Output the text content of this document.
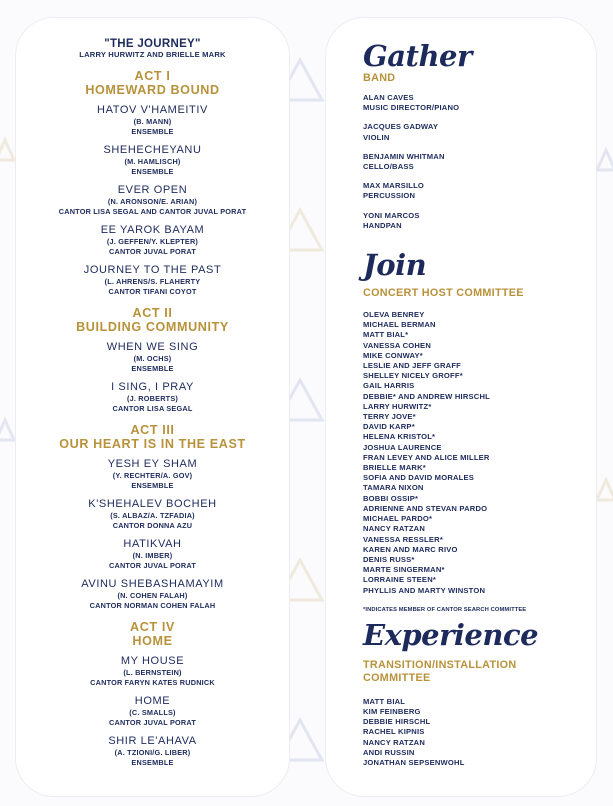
"THE JOURNEY"
LARRY HURWITZ AND BRIELLE MARK
ACT I
HOMEWARD BOUND
HATOV V'HAMEITIV
(B. MANN)
ENSEMBLE
SHEHECHEYANU
(M. HAMLISCH)
ENSEMBLE
EVER OPEN
(N. ARONSON/E. ARIAN)
CANTOR LISA SEGAL AND CANTOR JUVAL PORAT
EE YAROK BAYAM
(J. GEFFEN/Y. KLEPTER)
CANTOR JUVAL PORAT
JOURNEY TO THE PAST
(L. AHRENS/S. FLAHERTY
CANTOR TIFANI COYOT
ACT II
BUILDING COMMUNITY
WHEN WE SING
(M. OCHS)
ENSEMBLE
I SING, I PRAY
(J. ROBERTS)
CANTOR LISA SEGAL
ACT III
OUR HEART IS IN THE EAST
YESH EY SHAM
(Y. RECHTER/A. GOV)
ENSEMBLE
K'SHEHALEV BOCHEH
(S. ALBAZ/A. TZFADIA)
CANTOR DONNA AZU
HATIKVAH
(N. IMBER)
CANTOR JUVAL PORAT
AVINU SHEBASHAMAYIM
(N. COHEN FALAH)
CANTOR NORMAN COHEN FALAH
ACT IV
HOME
MY HOUSE
(L. BERNSTEIN)
CANTOR FARYN KATES RUDNICK
HOME
(C. SMALLS)
CANTOR JUVAL PORAT
SHIR LE'AHAVA
(A. TZIONI/G. LIBER)
ENSEMBLE
Gather
BAND
ALAN CAVES
MUSIC DIRECTOR/PIANO
JACQUES GADWAY
VIOLIN
BENJAMIN WHITMAN
CELLO/BASS
MAX MARSILLO
PERCUSSION
YONI MARCOS
HANDPAN
Join
CONCERT HOST COMMITTEE
OLEVA BENREY
MICHAEL BERMAN
MATT BIAL*
VANESSA COHEN
MIKE CONWAY*
LESLIE AND JEFF GRAFF
SHELLEY NICELY GROFF*
GAIL HARRIS
DEBBIE* AND ANDREW HIRSCHL
LARRY HURWITZ*
TERRY JOVE*
DAVID KARP*
HELENA KRISTOL*
JOSHUA LAURENCE
FRAN LEVEY AND ALICE MILLER
BRIELLE MARK*
SOFIA AND DAVID MORALES
TAMARA NIXON
BOBBI OSSIP*
ADRIENNE AND STEVAN PARDO
MICHAEL PARDO*
NANCY RATZAN
VANESSA RESSLER*
KAREN AND MARC RIVO
DENIS RUSS*
MARTE SINGERMAN*
LORRAINE STEEN*
PHYLLIS AND MARTY WINSTON
*INDICATES MEMBER OF CANTOR SEARCH COMMITTEE
Experience
TRANSITION/INSTALLATION COMMITTEE
MATT BIAL
KIM FEINBERG
DEBBIE HIRSCHL
RACHEL KIPNIS
NANCY RATZAN
ANDI RUSSIN
JONATHAN SEPSENWOHL
